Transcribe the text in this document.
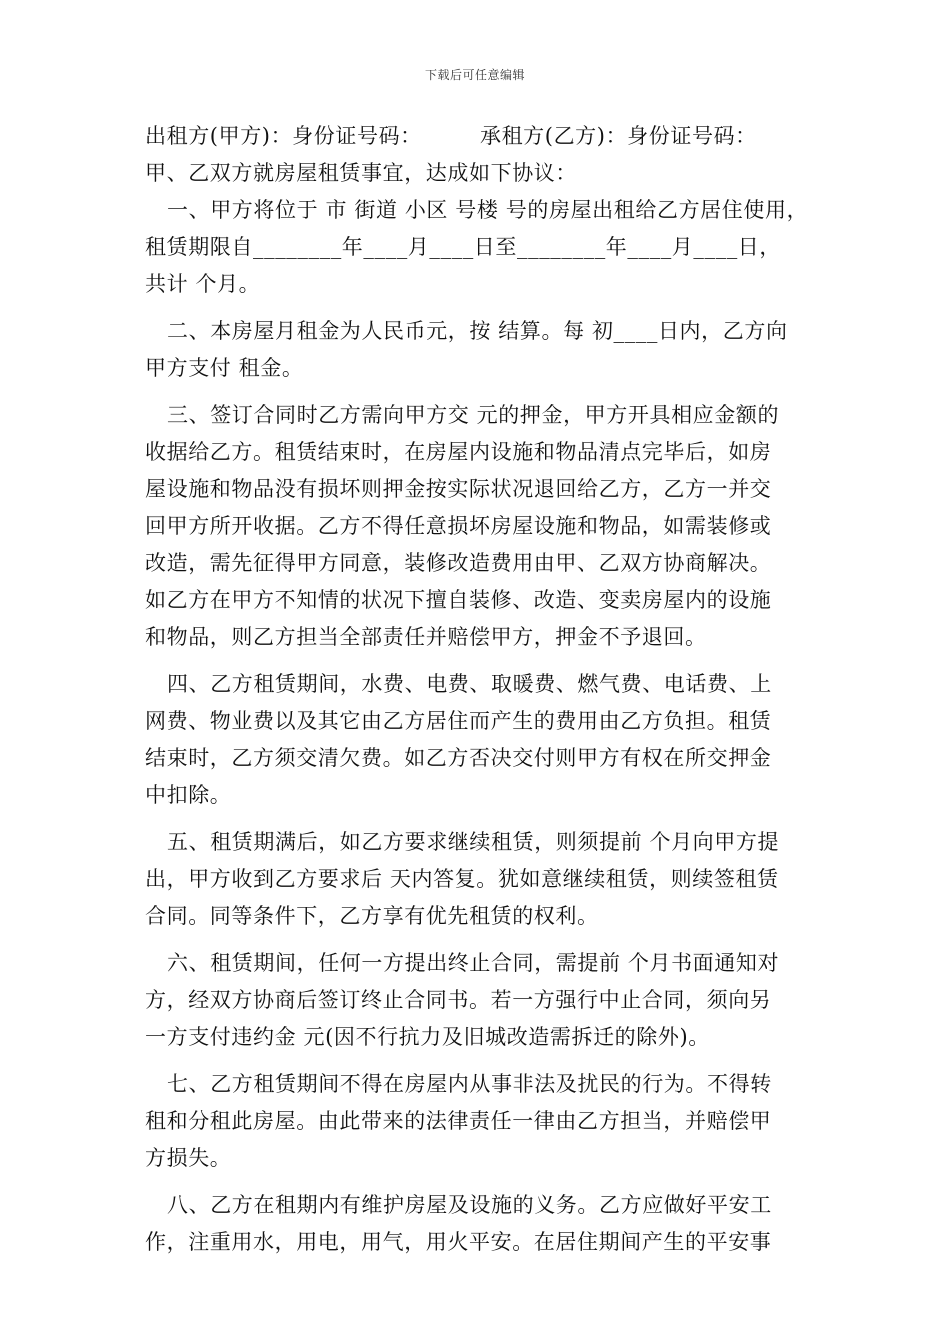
下载后可任意编辑
出租方(甲方)：身份证号码：        承租方(乙方)：身份证号码：
甲、乙双方就房屋租赁事宜，达成如下协议：
一、甲方将位于 市 街道 小区 号楼 号的房屋出租给乙方居住使用，
租赁期限自________年____月____日至________年____月____日，
共计 个月。
二、本房屋月租金为人民币元，按 结算。每 初____日内，乙方向
甲方支付 租金。
三、签订合同时乙方需向甲方交 元的押金，甲方开具相应金额的
收据给乙方。租赁结束时，在房屋内设施和物品清点完毕后，如房
屋设施和物品没有损坏则押金按实际状况退回给乙方，乙方一并交
回甲方所开收据。乙方不得任意损坏房屋设施和物品，如需装修或
改造，需先征得甲方同意，装修改造费用由甲、乙双方协商解决。
如乙方在甲方不知情的状况下擅自装修、改造、变卖房屋内的设施
和物品，则乙方担当全部责任并赔偿甲方，押金不予退回。
四、乙方租赁期间，水费、电费、取暖费、燃气费、电话费、上
网费、物业费以及其它由乙方居住而产生的费用由乙方负担。租赁
结束时，乙方须交清欠费。如乙方否决交付则甲方有权在所交押金
中扣除。
五、租赁期满后，如乙方要求继续租赁，则须提前 个月向甲方提
出，甲方收到乙方要求后 天内答复。犹如意继续租赁，则续签租赁
合同。同等条件下，乙方享有优先租赁的权利。
六、租赁期间，任何一方提出终止合同，需提前 个月书面通知对
方，经双方协商后签订终止合同书。若一方强行中止合同，须向另
一方支付违约金 元(因不行抗力及旧城改造需拆迁的除外)。
七、乙方租赁期间不得在房屋内从事非法及扰民的行为。不得转
租和分租此房屋。由此带来的法律责任一律由乙方担当，并赔偿甲
方损失。
八、乙方在租期内有维护房屋及设施的义务。乙方应做好平安工
作，注重用水，用电，用气，用火平安。在居住期间产生的平安事
